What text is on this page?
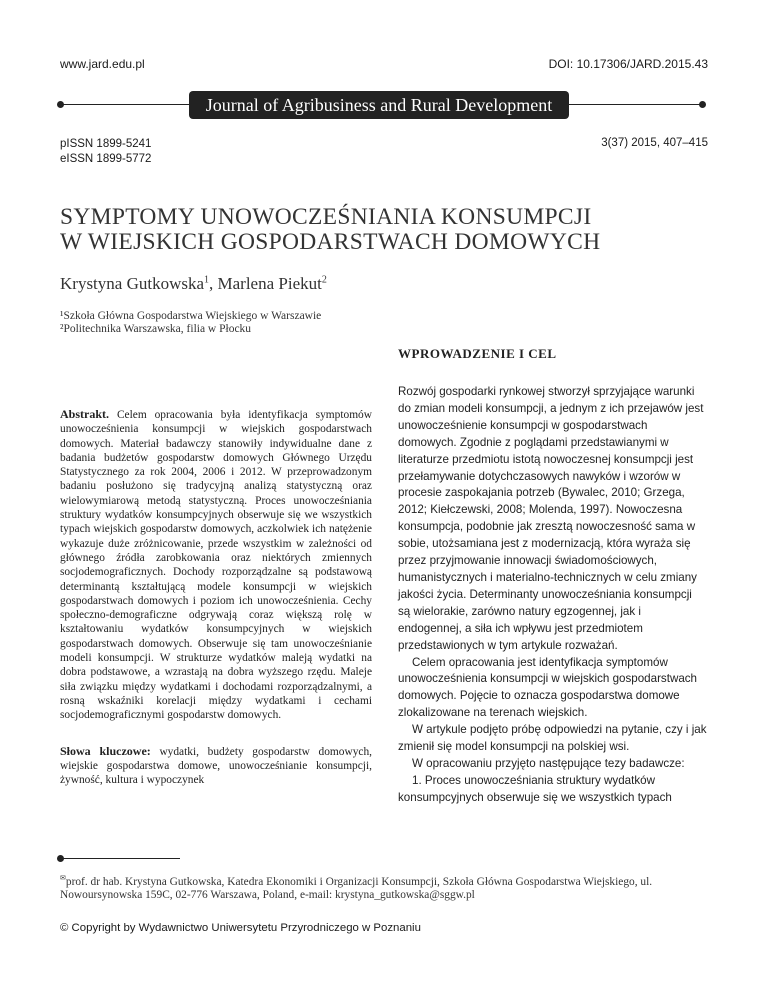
www.jard.edu.pl	DOI: 10.17306/JARD.2015.43
Journal of Agribusiness and Rural Development
pISSN 1899-5241
eISSN 1899-5772
3(37) 2015, 407–415
SYMPTOMY UNOWOCZEŚNIANIA KONSUMPCJI
W WIEJSKICH GOSPODARSTWACH DOMOWYCH
Krystyna Gutkowska$^1$, Marlena Piekut$^2$
¹Szkoła Główna Gospodarstwa Wiejskiego w Warszawie
²Politechnika Warszawska, filia w Płocku
Abstrakt. Celem opracowania była identyfikacja symptomów unowocześnienia konsumpcji w wiejskich gospodarstwach domowych. Materiał badawczy stanowiły indywidualne dane z badania budżetów gospodarstw domowych Głównego Urzędu Statystycznego za rok 2004, 2006 i 2012. W przeprowadzonym badaniu posłużono się tradycyjną analizą statystyczną oraz wielowymiarową metodą statystyczną. Proces unowocześniania struktury wydatków konsumpcyjnych obserwuje się we wszystkich typach wiejskich gospodarstw domowych, aczkolwiek ich natężenie wykazuje duże zróżnicowanie, przede wszystkim w zależności od głównego źródła zarobkowania oraz niektórych zmiennych socjodemograficznych. Dochody rozporządzalne są podstawową determinantą kształtującą modele konsumpcji w wiejskich gospodarstwach domowych i poziom ich unowocześnienia. Cechy społeczno-demograficzne odgrywają coraz większą rolę w kształtowaniu wydatków konsumpcyjnych w wiejskich gospodarstwach domowych. Obserwuje się tam unowocześnianie modeli konsumpcji. W strukturze wydatków maleją wydatki na dobra podstawowe, a wzrastają na dobra wyższego rzędu. Maleje siła związku między wydatkami i dochodami rozporządzalnymi, a rosną wskaźniki korelacji między wydatkami i cechami socjodemograficznymi gospodarstw domowych.
Słowa kluczowe: wydatki, budżety gospodarstw domowych, wiejskie gospodarstwa domowe, unowocześnianie konsumpcji, żywność, kultura i wypoczynek
WPROWADZENIE I CEL

Rozwój gospodarki rynkowej stworzył sprzyjające warunki do zmian modeli konsumpcji, a jednym z ich przejawów jest unowocześnienie konsumpcji w gospodarstwach domowych. Zgodnie z poglądami przedstawianymi w literaturze przedmiotu istotą nowoczesnej konsumpcji jest przełamywanie dotychczasowych nawyków i wzorów w procesie zaspokajania potrzeb (Bywalec, 2010; Grzega, 2012; Kiełczewski, 2008; Molenda, 1997). Nowoczesna konsumpcja, podobnie jak zresztą nowoczesność sama w sobie, utożsamiana jest z modernizacją, która wyraża się przez przyjmowanie innowacji świadomościowych, humanistycznych i materialno-technicznych w celu zmiany jakości życia. Determinanty unowocześniania konsumpcji są wielorakie, zarówno natury egzogennej, jak i endogennej, a siła ich wpływu jest przedmiotem przedstawionych w tym artykule rozważań.

Celem opracowania jest identyfikacja symptomów unowocześnienia konsumpcji w wiejskich gospodarstwach domowych. Pojęcie to oznacza gospodarstwa domowe zlokalizowane na terenach wiejskich.

W artykule podjęto próbę odpowiedzi na pytanie, czy i jak zmienił się model konsumpcji na polskiej wsi.

W opracowaniu przyjęto następujące tezy badawcze:

1. Proces unowocześniania struktury wydatków konsumpcyjnych obserwuje się we wszystkich typach

✉prof. dr hab. Krystyna Gutkowska, Katedra Ekonomiki i Organizacji Konsumpcji, Szkoła Główna Gospodarstwa Wiejskiego, ul. Nowoursynowska 159C, 02-776 Warszawa, Poland, e-mail: krystyna_gutkowska@sggw.pl
© Copyright by Wydawnictwo Uniwersytetu Przyrodniczego w Poznaniu
